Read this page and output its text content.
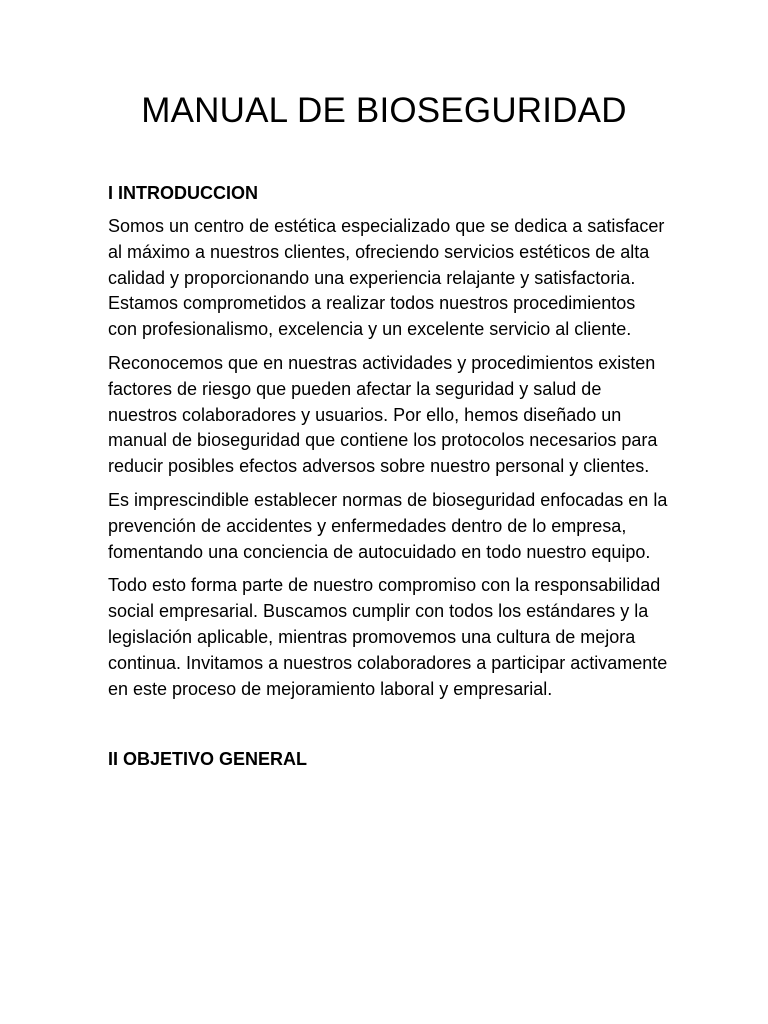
MANUAL DE BIOSEGURIDAD
I INTRODUCCION

Somos un centro de estética especializado que se dedica a satisfacer al máximo a nuestros clientes, ofreciendo servicios estéticos de alta calidad y proporcionando una experiencia relajante y satisfactoria. Estamos comprometidos a realizar todos nuestros procedimientos con profesionalismo, excelencia y un excelente servicio al cliente.

Reconocemos que en nuestras actividades y procedimientos existen factores de riesgo que pueden afectar la seguridad y salud de nuestros colaboradores y usuarios. Por ello, hemos diseñado un manual de bioseguridad que contiene los protocolos necesarios para reducir posibles efectos adversos sobre nuestro personal y clientes.

Es imprescindible establecer normas de bioseguridad enfocadas en la prevención de accidentes y enfermedades dentro de lo empresa, fomentando una conciencia de autocuidado en todo nuestro equipo.

Todo esto forma parte de nuestro compromiso con la responsabilidad social empresarial. Buscamos cumplir con todos los estándares y la legislación aplicable, mientras promovemos una cultura de mejora continua. Invitamos a nuestros colaboradores a participar activamente en este proceso de mejoramiento laboral y empresarial.

II OBJETIVO GENERAL
